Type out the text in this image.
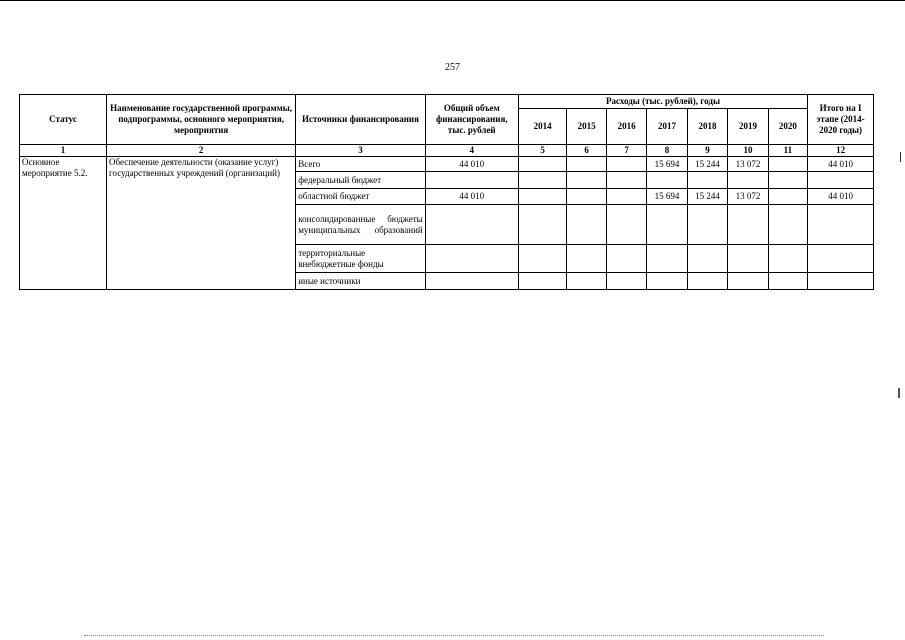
257
Статус	Наименование государственной программы, подпрограммы, основного мероприятия, мероприятия	Источники финансирования	Общий объем финансирования, тыс. рублей	Расходы (тыс. рублей), годы							Итого на I этапе (2014-2020 годы)
				2014	2015	2016	2017	2018	2019	2020	
1	2	3	4	5	6	7	8	9	10	11	12
Основное мероприятие 5.2.	Обеспечение деятельности (оказание услуг) государственных учреждений (организаций)	Всего	44 010				15 694	15 244	13 072		44 010
		федеральный бюджет									
		областной бюджет	44 010				15 694	15 244	13 072		44 010
		консолидированные бюджеты муниципальных образований									
		территориальные внебюджетные фонды									
		иные источники									
